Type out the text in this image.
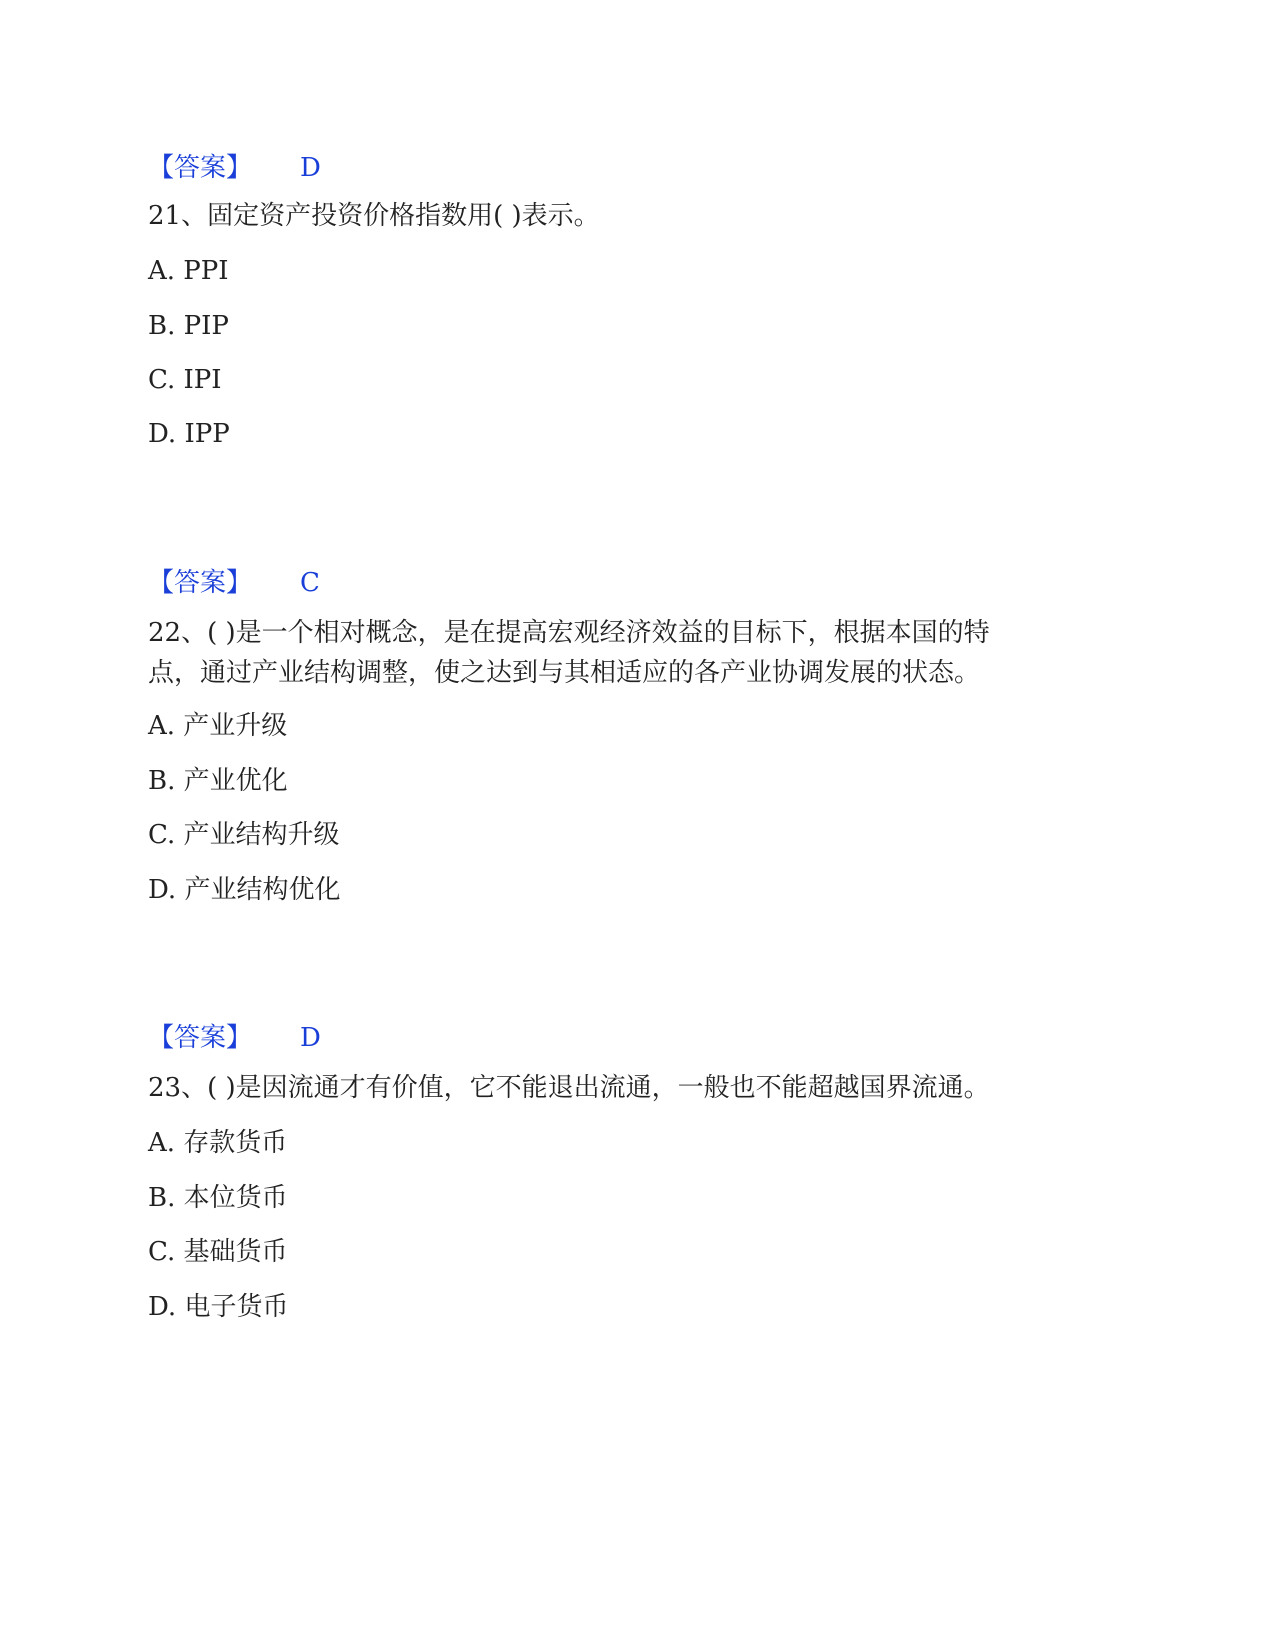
【答案】 D
21、固定资产投资价格指数用( )表示。
A. PPI
B. PIP
C. IPI
D. IPP
【答案】 C
22、( )是一个相对概念，是在提高宏观经济效益的目标下，根据本国的特
点，通过产业结构调整，使之达到与其相适应的各产业协调发展的状态。
A. 产业升级
B. 产业优化
C. 产业结构升级
D. 产业结构优化
【答案】 D
23、( )是因流通才有价值，它不能退出流通，一般也不能超越国界流通。
A. 存款货币
B. 本位货币
C. 基础货币
D. 电子货币
